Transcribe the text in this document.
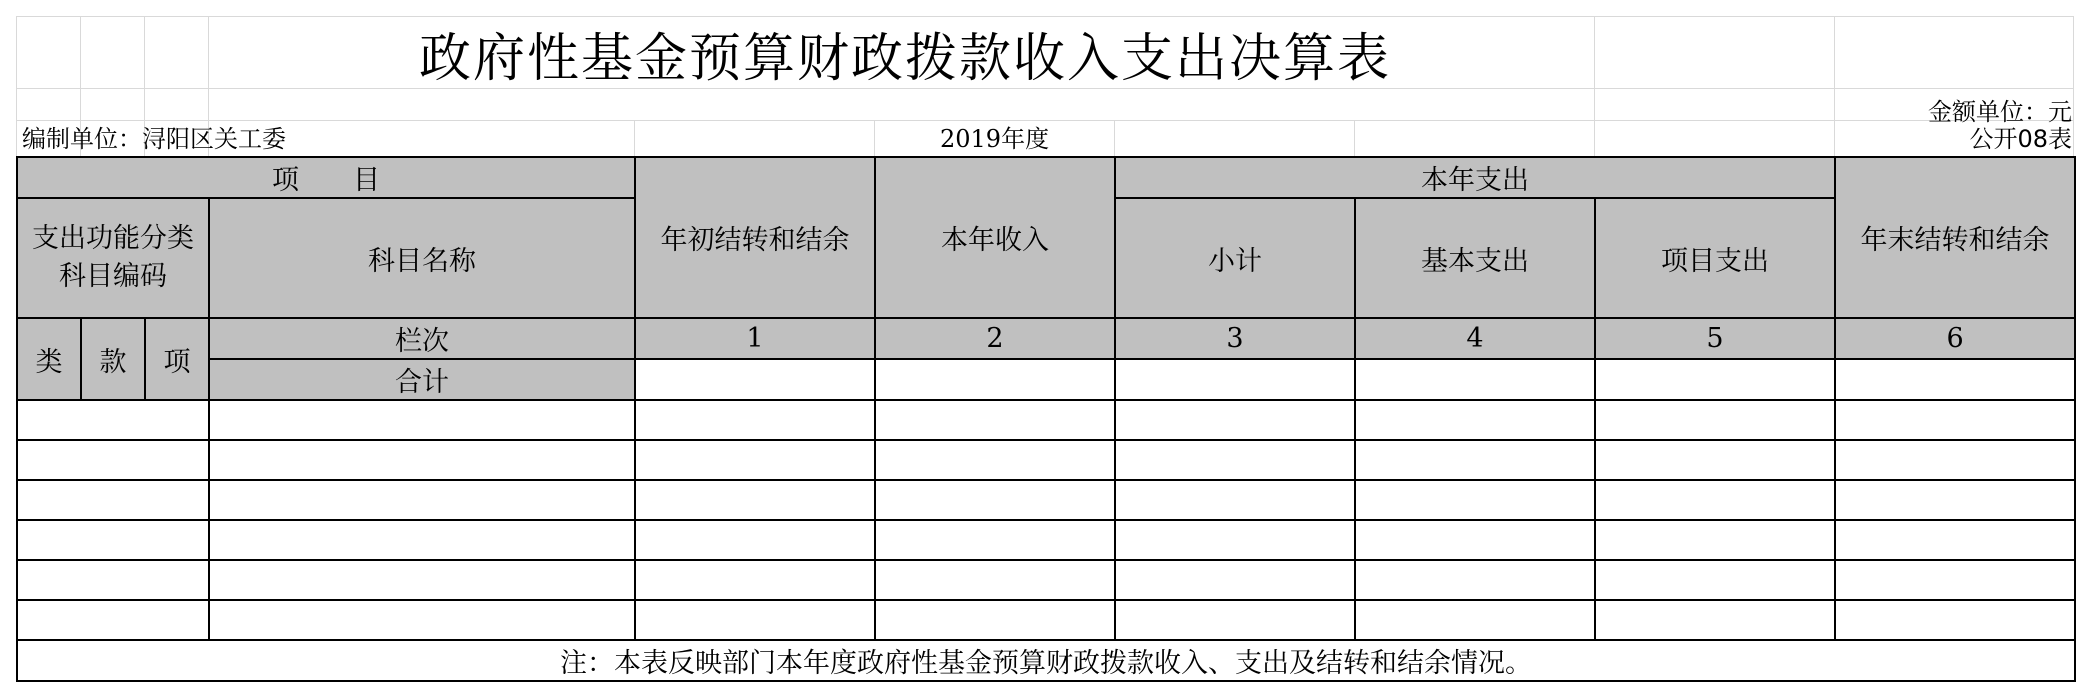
政府性基金预算财政拨款收入支出决算表
金额单位：元
编制单位：浔阳区关工委	2019年度	公开08表
项　　目				年初结转和结余	本年收入	本年支出			年末结转和结余
支出功能分类科目编码			科目名称			小计	基本支出	项目支出	
类	款	项	栏次	1	2	3	4	5	6
			合计						

注：本表反映部门本年度政府性基金预算财政拨款收入、支出及结转和结余情况。									
